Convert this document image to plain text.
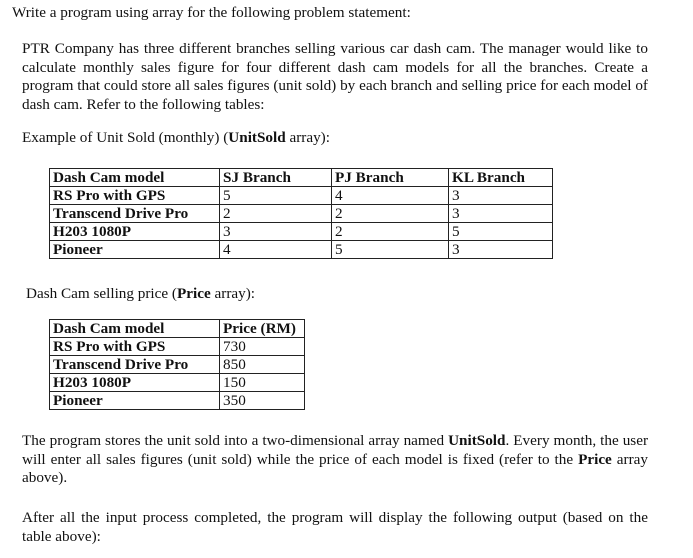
Write a program using array for the following problem statement:
PTR Company has three different branches selling various car dash cam. The manager would like to calculate monthly sales figure for four different dash cam models for all the branches. Create a program that could store all sales figures (unit sold) by each branch and selling price for each model of dash cam. Refer to the following tables:
Example of Unit Sold (monthly) (UnitSold array):
Dash Cam model	SJ Branch	PJ Branch	KL Branch
RS Pro with GPS	5	4	3
Transcend Drive Pro	2	2	3
H203 1080P	3	2	5
Pioneer	4	5	3
Dash Cam selling price (Price array):
Dash Cam model	Price (RM)
RS Pro with GPS	730
Transcend Drive Pro	850
H203 1080P	150
Pioneer	350
The program stores the unit sold into a two-dimensional array named UnitSold. Every month, the user will enter all sales figures (unit sold) while the price of each model is fixed (refer to the Price array above).
After all the input process completed, the program will display the following output (based on the table above):
